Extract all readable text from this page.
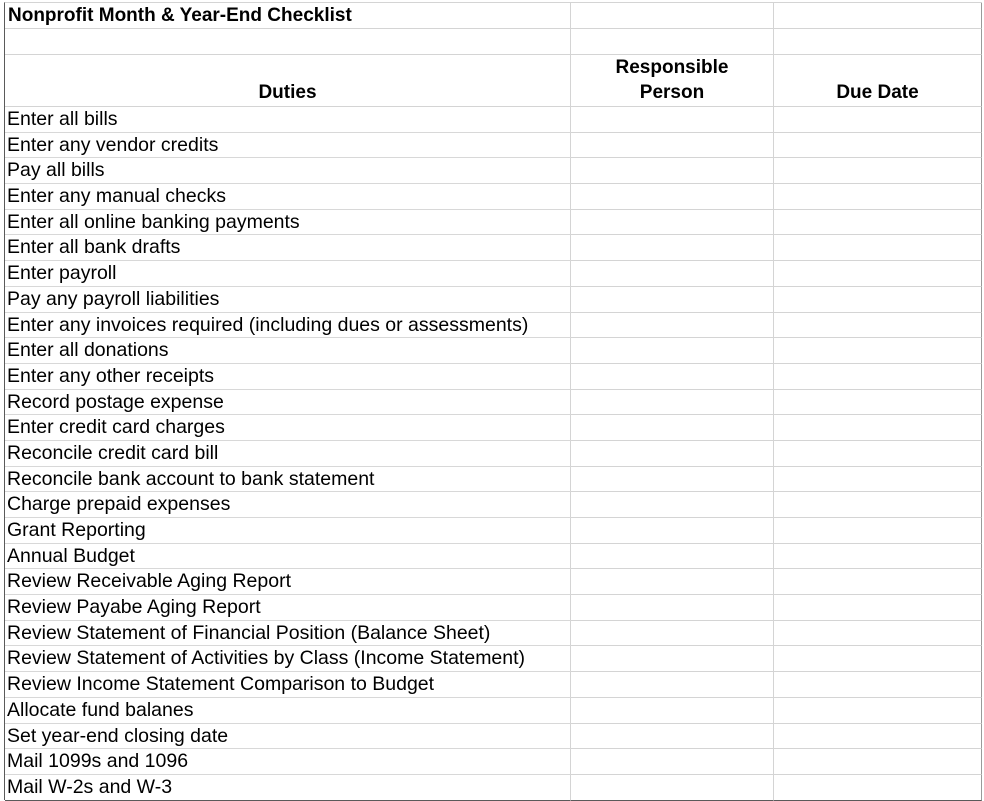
Nonprofit Month & Year-End Checklist
Duties
Responsible
Person	Due Date
Enter all bills
Enter any vendor credits
Pay all bills
Enter any manual checks
Enter all online banking payments
Enter all bank drafts
Enter payroll
Pay any payroll liabilities
Enter any invoices required (including dues or assessments)
Enter all donations
Enter any other receipts
Record postage expense
Enter credit card charges
Reconcile credit card bill
Reconcile bank account to bank statement
Charge prepaid expenses
Grant Reporting
Annual Budget
Review Receivable Aging Report
Review Payabe Aging Report
Review Statement of Financial Position (Balance Sheet)
Review Statement of Activities by Class (Income Statement)
Review Income Statement Comparison to Budget
Allocate fund balanes
Set year-end closing date
Mail 1099s and 1096
Mail W-2s and W-3
